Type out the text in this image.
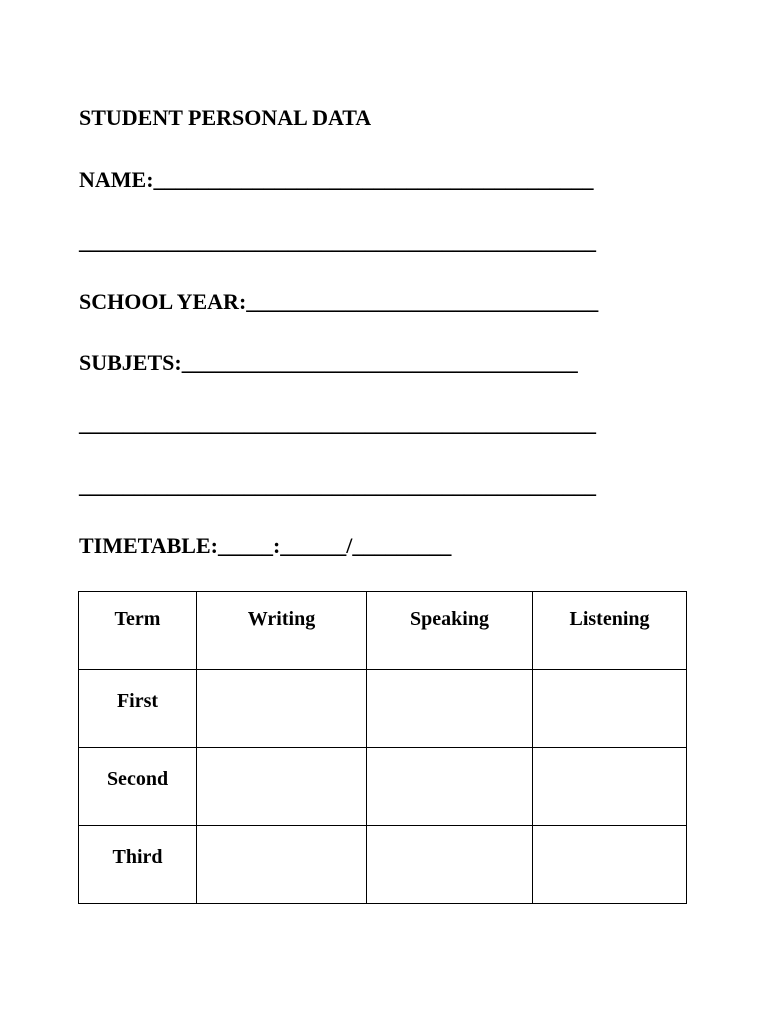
STUDENT PERSONAL DATA

NAME:________________________________________

_______________________________________________

SCHOOL YEAR:________________________________

SUBJETS:____________________________________

_______________________________________________

_______________________________________________

TIMETABLE:_____:______/_________

Term	Writing	Speaking	Listening
First			
Second			
Third			
